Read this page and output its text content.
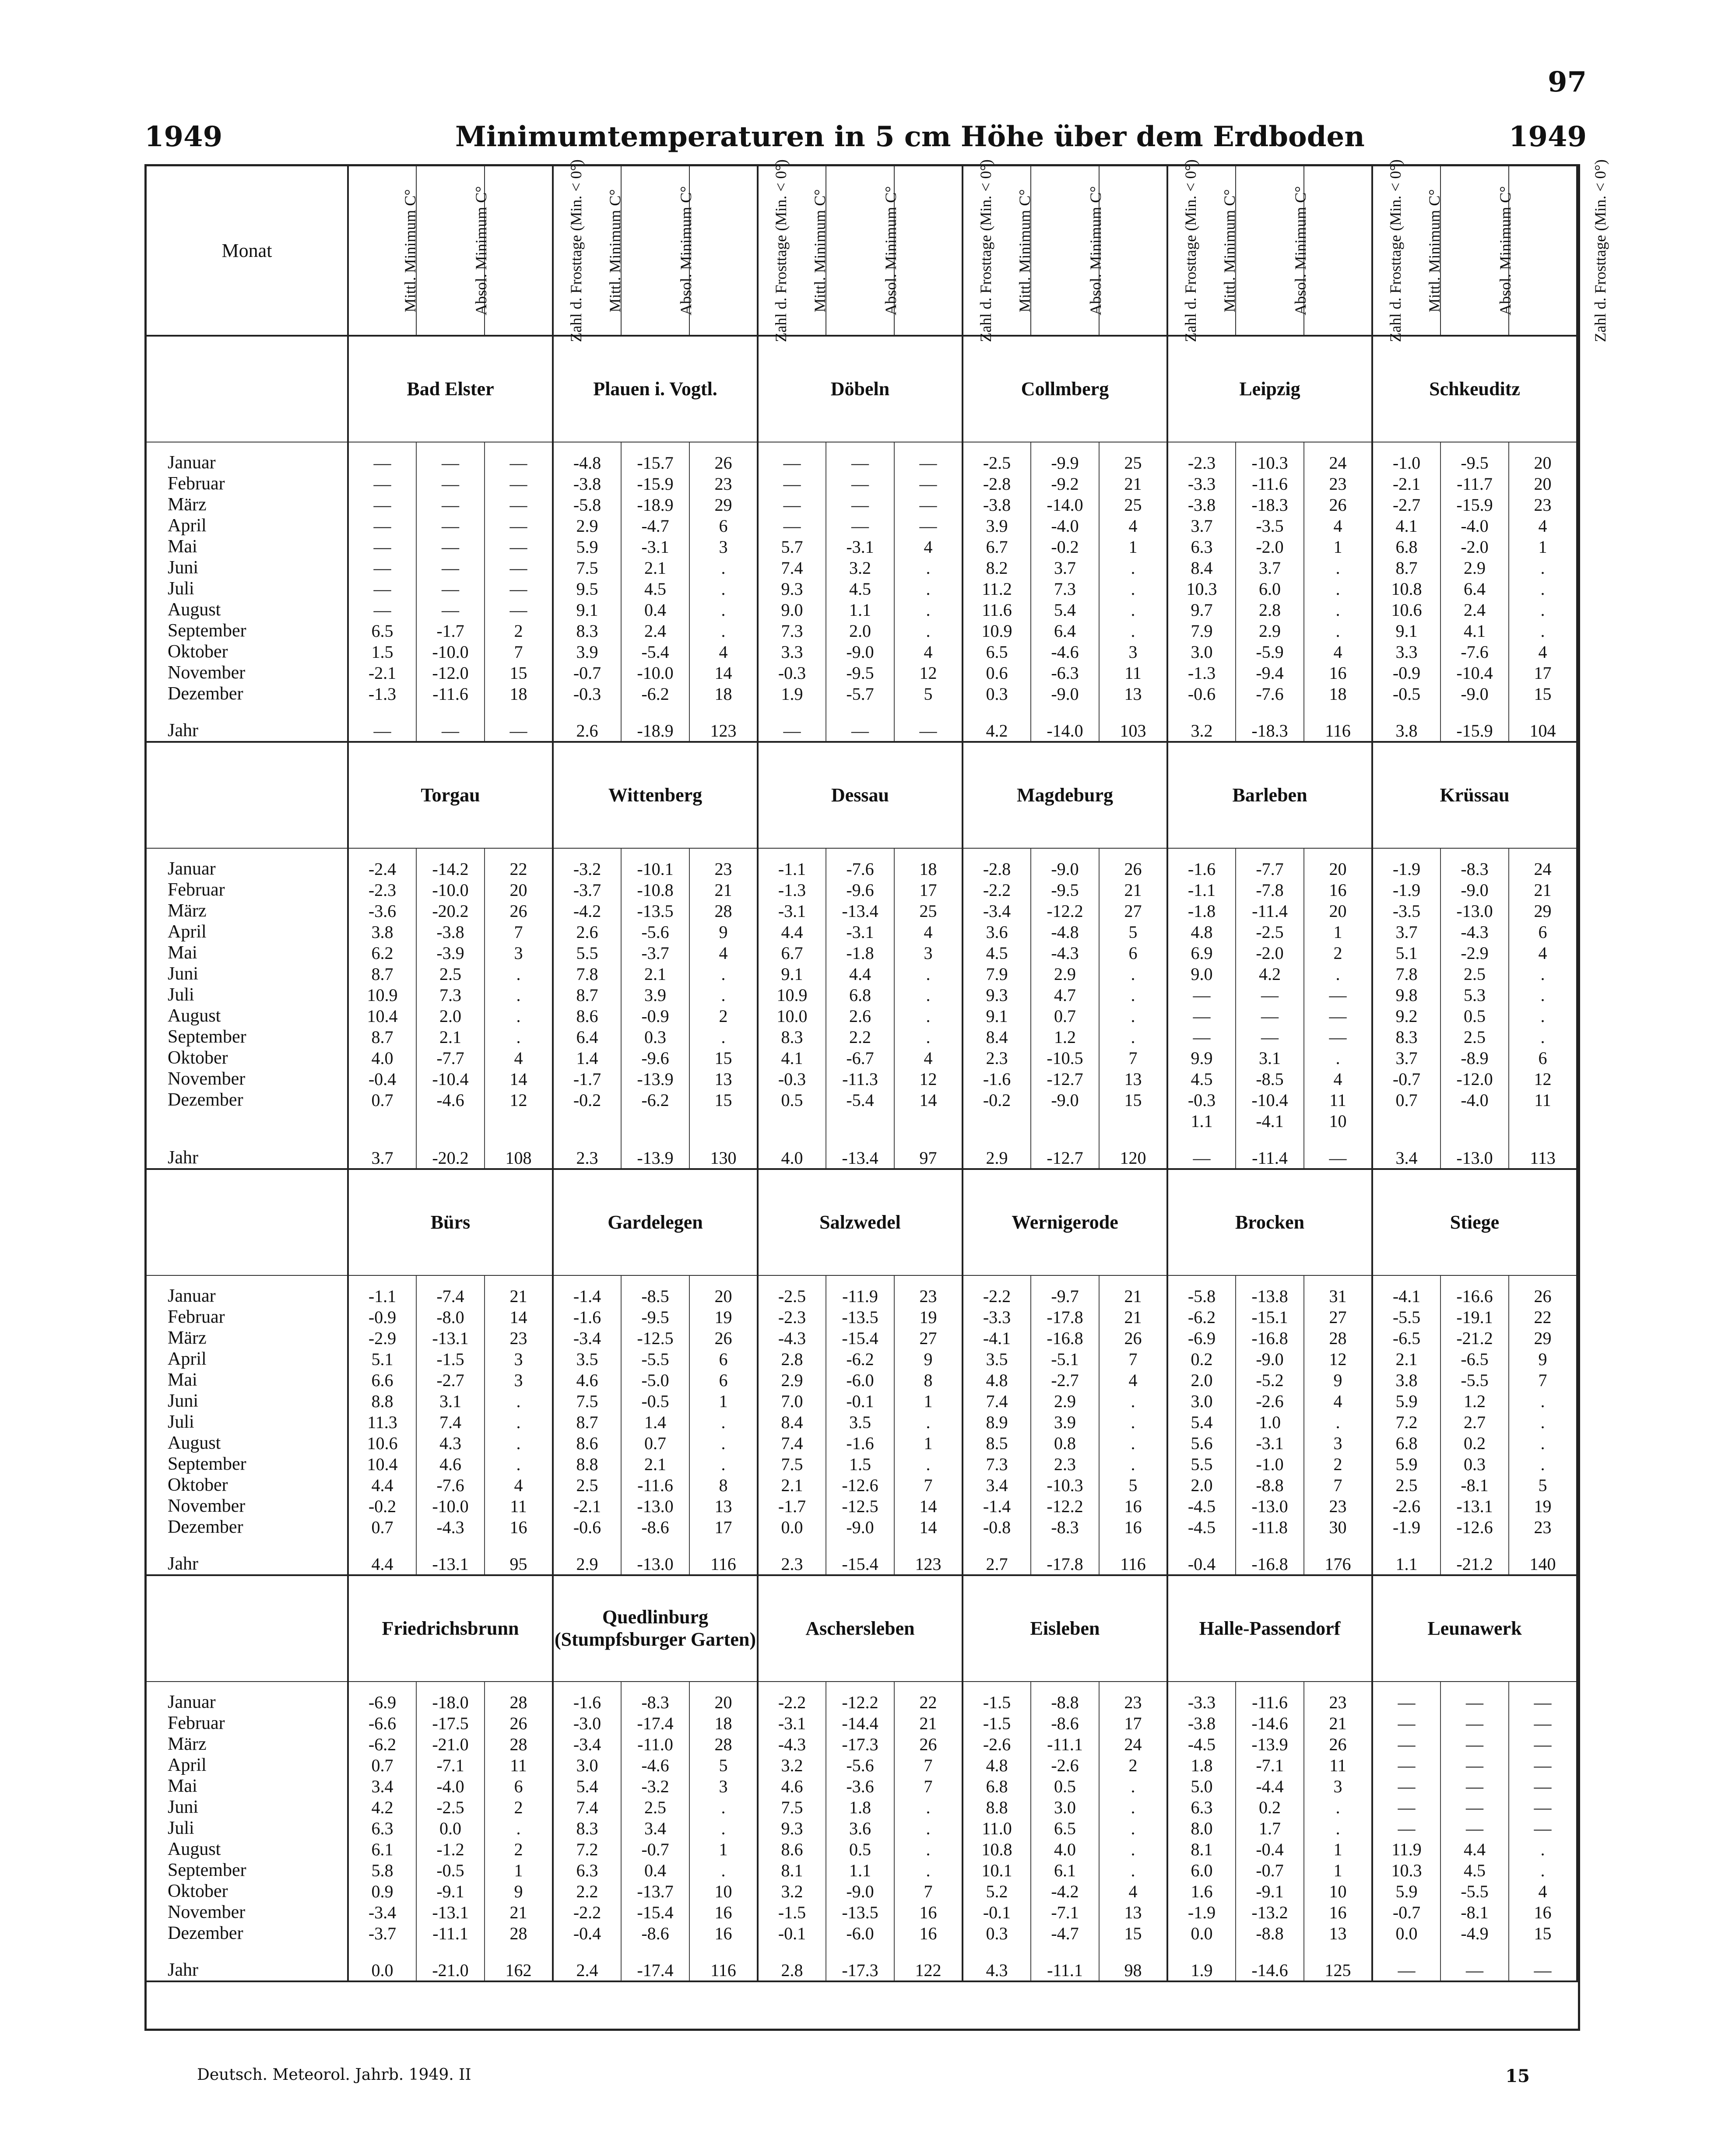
97
1949	Minimumtemperaturen in 5 cm Höhe über dem Erdboden	1949
Monat	Mittl. Minimum C°	Absol. Minimum C°	Zahl d. Frosttage (Min. < 0°)	Mittl. Minimum C°	Absol. Minimum C°	Zahl d. Frosttage (Min. < 0°)	Mittl. Minimum C°	Absol. Minimum C°	Zahl d. Frosttage (Min. < 0°)	Mittl. Minimum C°	Absol. Minimum C°	Zahl d. Frosttage (Min. < 0°)	Mittl. Minimum C°	Absol. Minimum C°	Zahl d. Frosttage (Min. < 0°)	Mittl. Minimum C°	Absol. Minimum C°	Zahl d. Frosttage (Min. < 0°)
	Bad Elster			Plauen i. Vogtl.			Döbeln			Collmberg			Leipzig			Schkeuditz		
Januar	—	—	—	-4.8	-15.7	26	—	—	—	-2.5	-9.9	25	-2.3	-10.3	24	-1.0	-9.5	20
Februar	—	—	—	-3.8	-15.9	23	—	—	—	-2.8	-9.2	21	-3.3	-11.6	23	-2.1	-11.7	20
März	—	—	—	-5.8	-18.9	29	—	—	—	-3.8	-14.0	25	-3.8	-18.3	26	-2.7	-15.9	23
April	—	—	—	2.9	-4.7	6	—	—	—	3.9	-4.0	4	3.7	-3.5	4	4.1	-4.0	4
Mai	—	—	—	5.9	-3.1	3	5.7	-3.1	4	6.7	-0.2	1	6.3	-2.0	1	6.8	-2.0	1
Juni	—	—	—	7.5	2.1	.	7.4	3.2	.	8.2	3.7	.	8.4	3.7	.	8.7	2.9	.
Juli	—	—	—	9.5	4.5	.	9.3	4.5	.	11.2	7.3	.	10.3	6.0	.	10.8	6.4	.
August	—	—	—	9.1	0.4	.	9.0	1.1	.	11.6	5.4	.	9.7	2.8	.	10.6	2.4	.
September	6.5	-1.7	2	8.3	2.4	.	7.3	2.0	.	10.9	6.4	.	7.9	2.9	.	9.1	4.1	.
Oktober	1.5	-10.0	7	3.9	-5.4	4	3.3	-9.0	4	6.5	-4.6	3	3.0	-5.9	4	3.3	-7.6	4
November	-2.1	-12.0	15	-0.7	-10.0	14	-0.3	-9.5	12	0.6	-6.3	11	-1.3	-9.4	16	-0.9	-10.4	17
Dezember	-1.3	-11.6	18	-0.3	-6.2	18	1.9	-5.7	5	0.3	-9.0	13	-0.6	-7.6	18	-0.5	-9.0	15
Jahr	—	—	—	2.6	-18.9	123	—	—	—	4.2	-14.0	103	3.2	-18.3	116	3.8	-15.9	104
	Torgau			Wittenberg			Dessau			Magdeburg			Barleben			Krüssau		
Januar	-2.4	-14.2	22	-3.2	-10.1	23	-1.1	-7.6	18	-2.8	-9.0	26	-1.6	-7.7	20	-1.9	-8.3	24
Februar	-2.3	-10.0	20	-3.7	-10.8	21	-1.3	-9.6	17	-2.2	-9.5	21	-1.1	-7.8	16	-1.9	-9.0	21
März	-3.6	-20.2	26	-4.2	-13.5	28	-3.1	-13.4	25	-3.4	-12.2	27	-1.8	-11.4	20	-3.5	-13.0	29
April	3.8	-3.8	7	2.6	-5.6	9	4.4	-3.1	4	3.6	-4.8	5	4.8	-2.5	1	3.7	-4.3	6
Mai	6.2	-3.9	3	5.5	-3.7	4	6.7	-1.8	3	4.5	-4.3	6	6.9	-2.0	2	5.1	-2.9	4
Juni	8.7	2.5	.	7.8	2.1	.	9.1	4.4	.	7.9	2.9	.	9.0	4.2	.	7.8	2.5	.
Juli	10.9	7.3	.	8.7	3.9	.	10.9	6.8	.	9.3	4.7	.	—	—	—	9.8	5.3	.
August	10.4	2.0	.	8.6	-0.9	2	10.0	2.6	.	9.1	0.7	.	—	—	—	9.2	0.5	.
September	8.7	2.1	.	6.4	0.3	.	8.3	2.2	.	8.4	1.2	.	—	—	—	8.3	2.5	.
Oktober	4.0	-7.7	4	1.4	-9.6	15	4.1	-6.7	4	2.3	-10.5	7	9.9	3.1	.	3.7	-8.9	6
November	-0.4	-10.4	14	-1.7	-13.9	13	-0.3	-11.3	12	-1.6	-12.7	13	4.5	-8.5	4	-0.7	-12.0	12
Dezember	0.7	-4.6	12	-0.2	-6.2	15	0.5	-5.4	14	-0.2	-9.0	15	-0.3	-10.4	11	0.7	-4.0	11
													1.1	-4.1	10			
Jahr	3.7	-20.2	108	2.3	-13.9	130	4.0	-13.4	97	2.9	-12.7	120	—	-11.4	—	3.4	-13.0	113
	Bürs			Gardelegen			Salzwedel			Wernigerode			Brocken			Stiege		
Januar	-1.1	-7.4	21	-1.4	-8.5	20	-2.5	-11.9	23	-2.2	-9.7	21	-5.8	-13.8	31	-4.1	-16.6	26
Februar	-0.9	-8.0	14	-1.6	-9.5	19	-2.3	-13.5	19	-3.3	-17.8	21	-6.2	-15.1	27	-5.5	-19.1	22
März	-2.9	-13.1	23	-3.4	-12.5	26	-4.3	-15.4	27	-4.1	-16.8	26	-6.9	-16.8	28	-6.5	-21.2	29
April	5.1	-1.5	3	3.5	-5.5	6	2.8	-6.2	9	3.5	-5.1	7	0.2	-9.0	12	2.1	-6.5	9
Mai	6.6	-2.7	3	4.6	-5.0	6	2.9	-6.0	8	4.8	-2.7	4	2.0	-5.2	9	3.8	-5.5	7
Juni	8.8	3.1	.	7.5	-0.5	1	7.0	-0.1	1	7.4	2.9	.	3.0	-2.6	4	5.9	1.2	.
Juli	11.3	7.4	.	8.7	1.4	.	8.4	3.5	.	8.9	3.9	.	5.4	1.0	.	7.2	2.7	.
August	10.6	4.3	.	8.6	0.7	.	7.4	-1.6	1	8.5	0.8	.	5.6	-3.1	3	6.8	0.2	.
September	10.4	4.6	.	8.8	2.1	.	7.5	1.5	.	7.3	2.3	.	5.5	-1.0	2	5.9	0.3	.
Oktober	4.4	-7.6	4	2.5	-11.6	8	2.1	-12.6	7	3.4	-10.3	5	2.0	-8.8	7	2.5	-8.1	5
November	-0.2	-10.0	11	-2.1	-13.0	13	-1.7	-12.5	14	-1.4	-12.2	16	-4.5	-13.0	23	-2.6	-13.1	19
Dezember	0.7	-4.3	16	-0.6	-8.6	17	0.0	-9.0	14	-0.8	-8.3	16	-4.5	-11.8	30	-1.9	-12.6	23
Jahr	4.4	-13.1	95	2.9	-13.0	116	2.3	-15.4	123	2.7	-17.8	116	-0.4	-16.8	176	1.1	-21.2	140
	Friedrichsbrunn			Quedlinburg (Stumpfsburger Garten)			Aschersleben			Eisleben			Halle-Passendorf			Leunawerk		
Januar	-6.9	-18.0	28	-1.6	-8.3	20	-2.2	-12.2	22	-1.5	-8.8	23	-3.3	-11.6	23	—	—	—
Februar	-6.6	-17.5	26	-3.0	-17.4	18	-3.1	-14.4	21	-1.5	-8.6	17	-3.8	-14.6	21	—	—	—
März	-6.2	-21.0	28	-3.4	-11.0	28	-4.3	-17.3	26	-2.6	-11.1	24	-4.5	-13.9	26	—	—	—
April	0.7	-7.1	11	3.0	-4.6	5	3.2	-5.6	7	4.8	-2.6	2	1.8	-7.1	11	—	—	—
Mai	3.4	-4.0	6	5.4	-3.2	3	4.6	-3.6	7	6.8	0.5	.	5.0	-4.4	3	—	—	—
Juni	4.2	-2.5	2	7.4	2.5	.	7.5	1.8	.	8.8	3.0	.	6.3	0.2	.	—	—	—
Juli	6.3	0.0	.	8.3	3.4	.	9.3	3.6	.	11.0	6.5	.	8.0	1.7	.	—	—	—
August	6.1	-1.2	2	7.2	-0.7	1	8.6	0.5	.	10.8	4.0	.	8.1	-0.4	1	11.9	4.4	.
September	5.8	-0.5	1	6.3	0.4	.	8.1	1.1	.	10.1	6.1	.	6.0	-0.7	1	10.3	4.5	.
Oktober	0.9	-9.1	9	2.2	-13.7	10	3.2	-9.0	7	5.2	-4.2	4	1.6	-9.1	10	5.9	-5.5	4
November	-3.4	-13.1	21	-2.2	-15.4	16	-1.5	-13.5	16	-0.1	-7.1	13	-1.9	-13.2	16	-0.7	-8.1	16
Dezember	-3.7	-11.1	28	-0.4	-8.6	16	-0.1	-6.0	16	0.3	-4.7	15	0.0	-8.8	13	0.0	-4.9	15
Jahr	0.0	-21.0	162	2.4	-17.4	116	2.8	-17.3	122	4.3	-11.1	98	1.9	-14.6	125	—	—	—
Deutsch. Meteorol. Jahrb. 1949. II	15
